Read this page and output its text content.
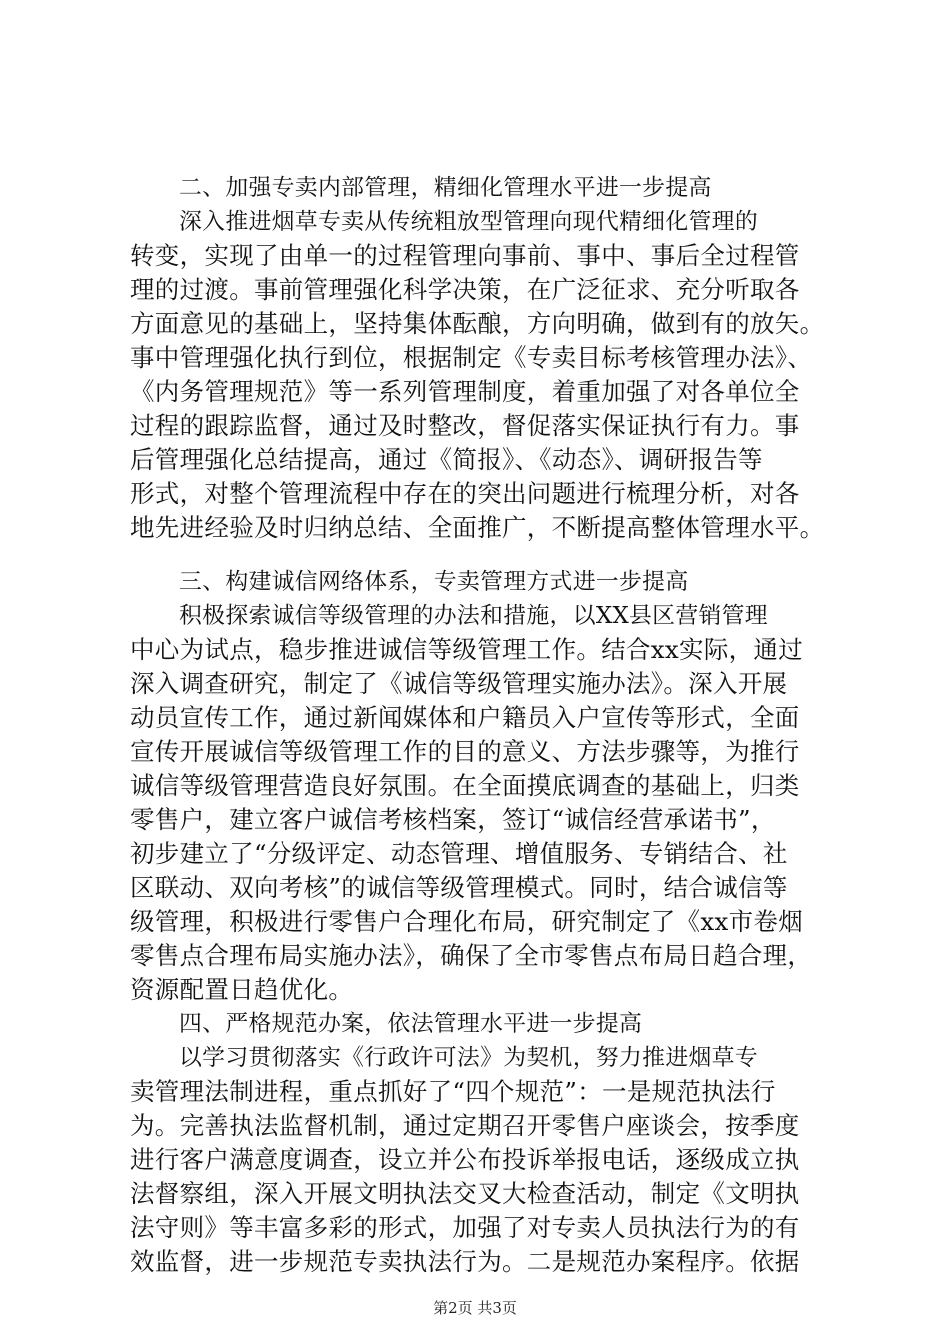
二、加强专卖内部管理，精细化管理水平进一步提高
深入推进烟草专卖从传统粗放型管理向现代精细化管理的
转变，实现了由单一的过程管理向事前、事中、事后全过程管
理的过渡。事前管理强化科学决策，在广泛征求、充分听取各
方面意见的基础上，坚持集体酝酿，方向明确，做到有的放矢。
事中管理强化执行到位，根据制定《专卖目标考核管理办法》、
《内务管理规范》等一系列管理制度，着重加强了对各单位全
过程的跟踪监督，通过及时整改，督促落实保证执行有力。事
后管理强化总结提高，通过《简报》、《动态》、调研报告等
形式，对整个管理流程中存在的突出问题进行梳理分析，对各
地先进经验及时归纳总结、全面推广，不断提高整体管理水平。
三、构建诚信网络体系，专卖管理方式进一步提高
积极探索诚信等级管理的办法和措施，以XX县区营销管理
中心为试点，稳步推进诚信等级管理工作。结合xx实际，通过
深入调查研究，制定了《诚信等级管理实施办法》。深入开展
动员宣传工作，通过新闻媒体和户籍员入户宣传等形式，全面
宣传开展诚信等级管理工作的目的意义、方法步骤等，为推行
诚信等级管理营造良好氛围。在全面摸底调查的基础上，归类
零售户，建立客户诚信考核档案，签订“诚信经营承诺书”，
初步建立了“分级评定、动态管理、增值服务、专销结合、社
区联动、双向考核”的诚信等级管理模式。同时，结合诚信等
级管理，积极进行零售户合理化布局，研究制定了《xx市卷烟
零售点合理布局实施办法》，确保了全市零售点布局日趋合理，
资源配置日趋优化。
四、严格规范办案，依法管理水平进一步提高
以学习贯彻落实《行政许可法》为契机，努力推进烟草专
卖管理法制进程，重点抓好了“四个规范”：一是规范执法行
为。完善执法监督机制，通过定期召开零售户座谈会，按季度
进行客户满意度调查，设立并公布投诉举报电话，逐级成立执
法督察组，深入开展文明执法交叉大检查活动，制定《文明执
法守则》等丰富多彩的形式，加强了对专卖人员执法行为的有
效监督，进一步规范专卖执法行为。二是规范办案程序。依据
第2页 共3页
